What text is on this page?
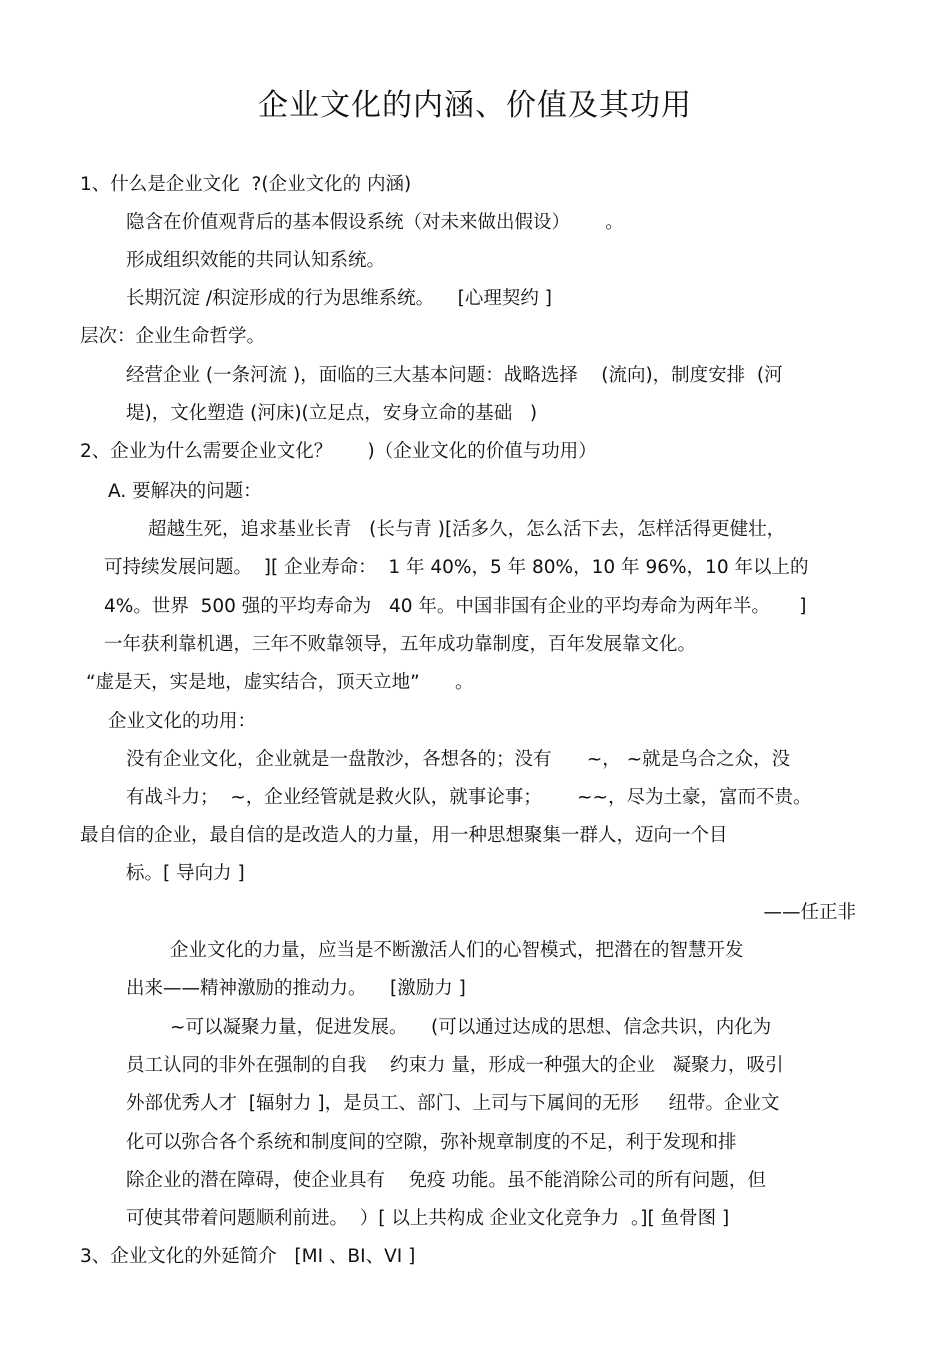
企业文化的内涵、价值及其功用
1、什么是企业文化  ?(企业文化的 内涵)
隐含在价值观背后的基本假设系统（对未来做出假设）      。
形成组织效能的共同认知系统。
长期沉淀 /积淀形成的行为思维系统。    [心理契约 ]
层次：企业生命哲学。
经营企业 (一条河流 )，面临的三大基本问题：战略选择    (流向)，制度安排  (河
堤)，文化塑造 (河床)(立足点，安身立命的基础   )
2、企业为什么需要企业文化？      )（企业文化的价值与功用）
A. 要解决的问题：
超越生死，追求基业长青   (长与青 )[活多久，怎么活下去，怎样活得更健壮，
可持续发展问题。  ][ 企业寿命：  1 年 40%，5 年 80%，10 年 96%，10 年以上的
4%。世界  500 强的平均寿命为   40 年。中国非国有企业的平均寿命为两年半。     ]
一年获利靠机遇，三年不败靠领导，五年成功靠制度，百年发展靠文化。
“虚是天，实是地，虚实结合，顶天立地”      。
企业文化的功用：
没有企业文化，企业就是一盘散沙，各想各的；没有      ~， ~就是乌合之众，没
有战斗力；  ~，企业经管就是救火队，就事论事；      ~~，尽为土豪，富而不贵。
最自信的企业，最自信的是改造人的力量，用一种思想聚集一群人，迈向一个目
标。[ 导向力 ]
——任正非
企业文化的力量，应当是不断激活人们的心智模式，把潜在的智慧开发
出来——精神激励的推动力。    [激励力 ]
~可以凝聚力量，促进发展。    (可以通过达成的思想、信念共识，内化为
员工认同的非外在强制的自我    约束力 量，形成一种强大的企业   凝聚力，吸引
外部优秀人才  [辐射力 ]，是员工、部门、上司与下属间的无形     纽带。企业文
化可以弥合各个系统和制度间的空隙，弥补规章制度的不足，利于发现和排
除企业的潜在障碍，使企业具有    免疫 功能。虽不能消除公司的所有问题，但
可使其带着问题顺利前进。  ）[ 以上共构成 企业文化竞争力  。][ 鱼骨图 ]
3、企业文化的外延简介   [MI 、BI、VI ]
